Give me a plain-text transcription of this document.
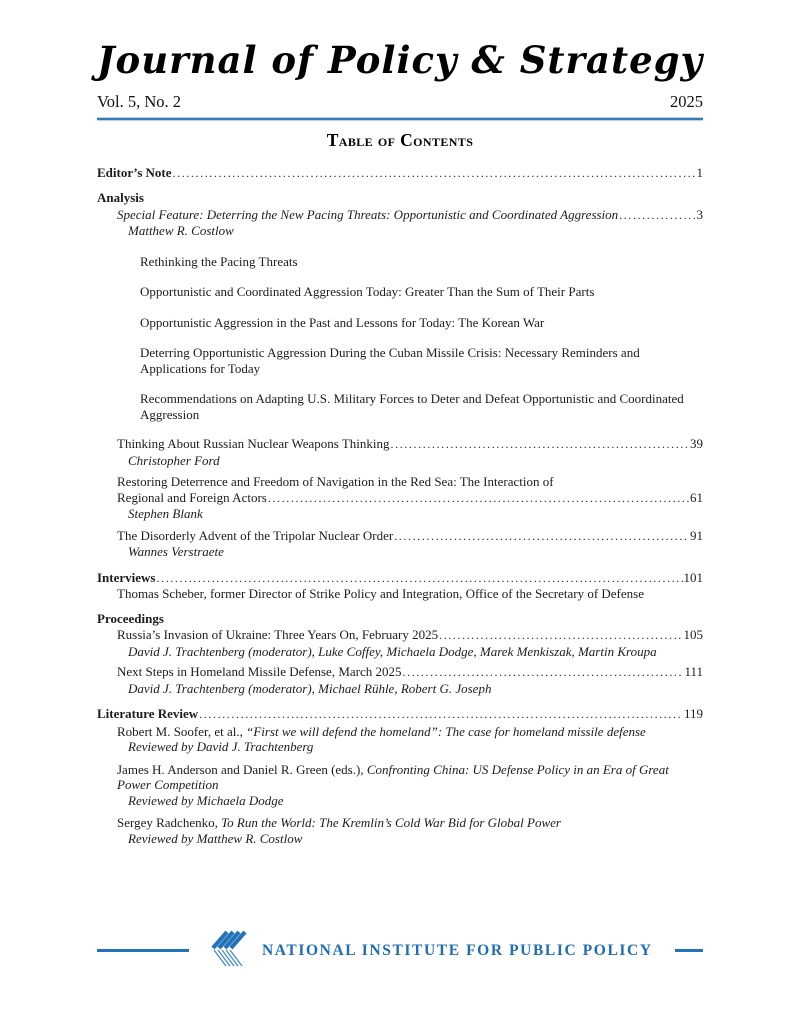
Journal of Policy & Strategy
Vol. 5, No. 2	2025
Table of Contents
Editor’s Note .....	1
Analysis
Special Feature: Deterring the New Pacing Threats: Opportunistic and Coordinated Aggression .....	3
Matthew R. Costlow
Rethinking the Pacing Threats
Opportunistic and Coordinated Aggression Today: Greater Than the Sum of Their Parts
Opportunistic Aggression in the Past and Lessons for Today: The Korean War
Deterring Opportunistic Aggression During the Cuban Missile Crisis: Necessary Reminders and Applications for Today
Recommendations on Adapting U.S. Military Forces to Deter and Defeat Opportunistic and Coordinated Aggression
Thinking About Russian Nuclear Weapons Thinking .....	39
Christopher Ford
Restoring Deterrence and Freedom of Navigation in the Red Sea: The Interaction of
Regional and Foreign Actors .....	61
Stephen Blank
The Disorderly Advent of the Tripolar Nuclear Order .....	91
Wannes Verstraete
Interviews .....	101
Thomas Scheber, former Director of Strike Policy and Integration, Office of the Secretary of Defense
Proceedings
Russia’s Invasion of Ukraine: Three Years On, February 2025 .....	105
David J. Trachtenberg (moderator), Luke Coffey, Michaela Dodge, Marek Menkiszak, Martin Kroupa
Next Steps in Homeland Missile Defense, March 2025 .....	111
David J. Trachtenberg (moderator), Michael Rühle, Robert G. Joseph
Literature Review .....	119
Robert M. Soofer, et al., “First we will defend the homeland”: The case for homeland missile defense
Reviewed by David J. Trachtenberg
James H. Anderson and Daniel R. Green (eds.), Confronting China: US Defense Policy in an Era of Great Power Competition
Reviewed by Michaela Dodge
Sergey Radchenko, To Run the World: The Kremlin’s Cold War Bid for Global Power
Reviewed by Matthew R. Costlow
NATIONAL INSTITUTE FOR PUBLIC POLICY
